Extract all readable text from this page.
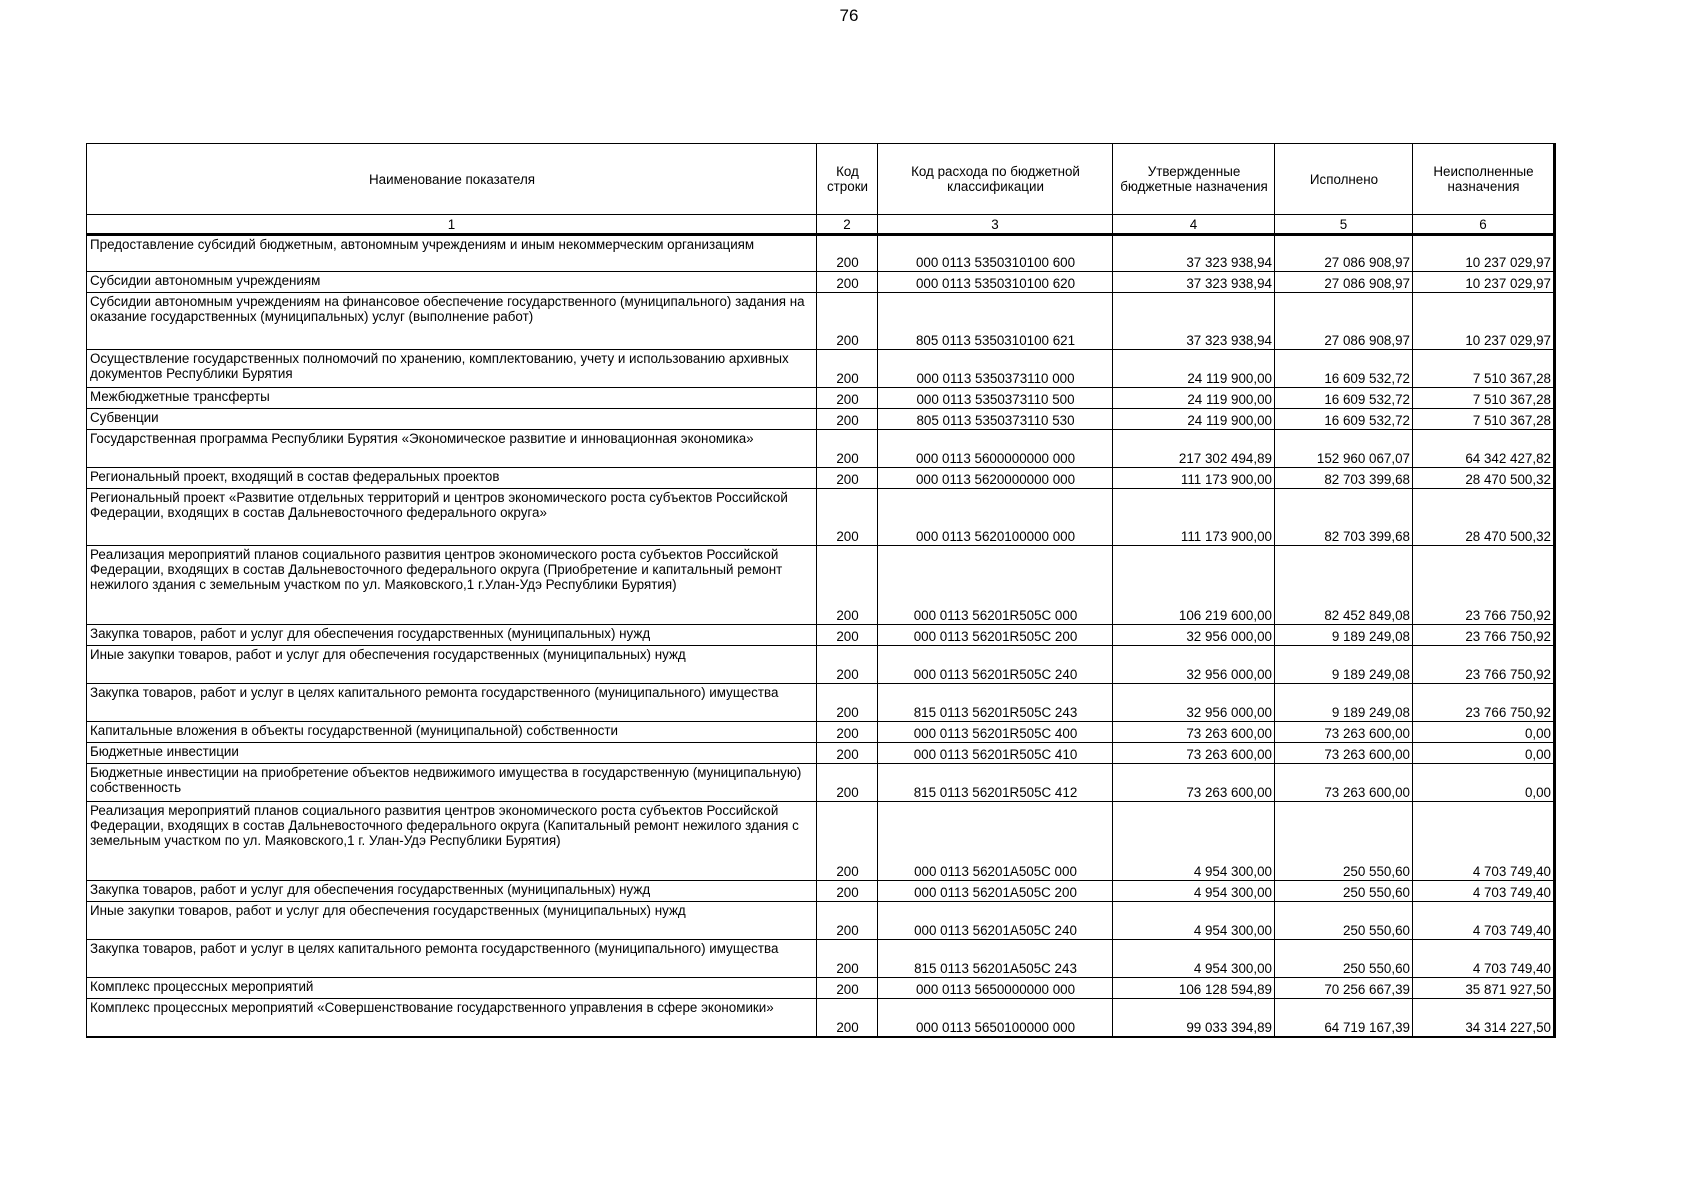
76
Наименование показателя	Код строки	Код расхода по бюджетной классификации	Утвержденные бюджетные назначения	Исполнено	Неисполненные назначения
1	2	3	4	5	6
Предоставление субсидий бюджетным, автономным учреждениям и иным некоммерческим организациям	200	000 0113 5350310100 600	37 323 938,94	27 086 908,97	10 237 029,97
Субсидии автономным учреждениям	200	000 0113 5350310100 620	37 323 938,94	27 086 908,97	10 237 029,97
Субсидии автономным учреждениям на финансовое обеспечение государственного (муниципального) задания на оказание государственных (муниципальных) услуг (выполнение работ)	200	805 0113 5350310100 621	37 323 938,94	27 086 908,97	10 237 029,97
Осуществление государственных полномочий по хранению, комплектованию, учету и использованию архивных документов Республики Бурятия	200	000 0113 5350373110 000	24 119 900,00	16 609 532,72	7 510 367,28
Межбюджетные трансферты	200	000 0113 5350373110 500	24 119 900,00	16 609 532,72	7 510 367,28
Субвенции	200	805 0113 5350373110 530	24 119 900,00	16 609 532,72	7 510 367,28
Государственная программа Республики Бурятия «Экономическое развитие и инновационная экономика»	200	000 0113 5600000000 000	217 302 494,89	152 960 067,07	64 342 427,82
Региональный проект, входящий в состав федеральных проектов	200	000 0113 5620000000 000	111 173 900,00	82 703 399,68	28 470 500,32
Региональный проект «Развитие отдельных территорий и центров экономического роста субъектов Российской Федерации, входящих в состав Дальневосточного федерального округа»	200	000 0113 5620100000 000	111 173 900,00	82 703 399,68	28 470 500,32
Реализация мероприятий планов социального развития центров экономического роста субъектов Российской Федерации, входящих в состав Дальневосточного федерального округа (Приобретение и капитальный ремонт нежилого здания с земельным участком по ул. Маяковского,1 г.Улан-Удэ Республики Бурятия)	200	000 0113 56201R505C 000	106 219 600,00	82 452 849,08	23 766 750,92
Закупка товаров, работ и услуг для обеспечения государственных (муниципальных) нужд	200	000 0113 56201R505C 200	32 956 000,00	9 189 249,08	23 766 750,92
Иные закупки товаров, работ и услуг для обеспечения государственных (муниципальных) нужд	200	000 0113 56201R505C 240	32 956 000,00	9 189 249,08	23 766 750,92
Закупка товаров, работ и услуг в целях капитального ремонта государственного (муниципального) имущества	200	815 0113 56201R505C 243	32 956 000,00	9 189 249,08	23 766 750,92
Капитальные вложения в объекты государственной (муниципальной) собственности	200	000 0113 56201R505C 400	73 263 600,00	73 263 600,00	0,00
Бюджетные инвестиции	200	000 0113 56201R505C 410	73 263 600,00	73 263 600,00	0,00
Бюджетные инвестиции на приобретение объектов недвижимого имущества в государственную (муниципальную) собственность	200	815 0113 56201R505C 412	73 263 600,00	73 263 600,00	0,00
Реализация мероприятий планов социального развития центров экономического роста субъектов Российской Федерации, входящих в состав Дальневосточного федерального округа (Капитальный ремонт нежилого здания с земельным участком по ул. Маяковского,1 г. Улан-Удэ Республики Бурятия)	200	000 0113 56201A505C 000	4 954 300,00	250 550,60	4 703 749,40
Закупка товаров, работ и услуг для обеспечения государственных (муниципальных) нужд	200	000 0113 56201A505C 200	4 954 300,00	250 550,60	4 703 749,40
Иные закупки товаров, работ и услуг для обеспечения государственных (муниципальных) нужд	200	000 0113 56201A505C 240	4 954 300,00	250 550,60	4 703 749,40
Закупка товаров, работ и услуг в целях капитального ремонта государственного (муниципального) имущества	200	815 0113 56201A505C 243	4 954 300,00	250 550,60	4 703 749,40
Комплекс процессных мероприятий	200	000 0113 5650000000 000	106 128 594,89	70 256 667,39	35 871 927,50
Комплекс процессных мероприятий «Совершенствование государственного управления в сфере экономики»	200	000 0113 5650100000 000	99 033 394,89	64 719 167,39	34 314 227,50
